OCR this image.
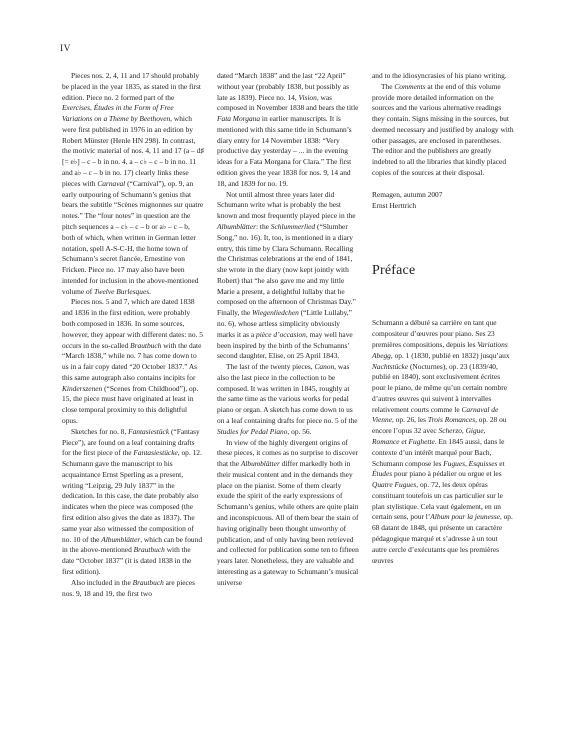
IV

Pieces nos. 2, 4, 11 and 17 should probably be placed in the year 1835, as stated in the first edition. Piece no. 2 formed part of the Exercises, Études in the Form of Free Variations on a Theme by Beethoven, which were first published in 1976 in an edition by Robert Münster (Henle HN 298). In contrast, the motivic material of nos. 4, 11 and 17 (a – d♯ [= e♭] – c – b in no. 4, a – c♭ – c – b in no. 11 and a♭ – c – b in no. 17) clearly links these pieces with Carnaval (“Carnival”), op. 9, an early outpouring of Schumann’s genius that bears the subtitle “Scènes mignonnes sur quatre notes.” The “four notes” in question are the pitch sequences a – c♭ – c – b or a♭ – c – b, both of which, when written in German letter notation, spell A-S-C-H, the home town of Schumann’s secret fiancée, Ernestine von Fricken. Piece no. 17 may also have been intended for inclusion in the above-mentioned volume of Twelve Burlesques.

Pieces nos. 5 and 7, which are dated 1838 and 1836 in the first edition, were probably both composed in 1836. In some sources, however, they appear with different dates: no. 5 occurs in the so-called Brautbuch with the date “March 1838,” while no. 7 has come down to us in a fair copy dated “20 October 1837.” As this same autograph also contains incipits for Kinderszenen (“Scenes from Childhood”), op. 15, the piece must have originated at least in close temporal proximity to this delightful opus.

Sketches for no. 8, Fantasiestück (“Fantasy Piece”), are found on a leaf containing drafts for the first piece of the Fantasiestücke, op. 12. Schumann gave the manuscript to his acquaintance Ernst Sperling as a present, writing “Leipzig, 29 July 1837” in the dedication. In this case, the date probably also indicates when the piece was composed (the first edition also gives the date as 1837). The same year also witnessed the composition of no. 10 of the Albumblätter, which can be found in the above-mentioned Brautbuch with the date “October 1837” (it is dated 1838 in the first edition).

Also included in the Brautbuch are pieces nos. 9, 18 and 19, the first two

dated “March 1838” and the last “22 April” without year (probably 1838, but possibly as late as 1839). Piece no. 14, Vision, was composed in November 1838 and bears the title Fata Morgana in earlier manuscripts. It is mentioned with this same title in Schumann’s diary entry for 14 November 1838: “Very productive day yesterday – ... in the evening ideas for a Fata Morgana for Clara.” The first edition gives the year 1838 for nos. 9, 14 and 18, and 1839 for no. 19.

Not until almost three years later did Schumann write what is probably the best known and most frequently played piece in the Albumblätter: the Schlummerlied (“Slumber Song,” no. 16). It, too, is mentioned in a diary entry, this time by Clara Schumann. Recalling the Christmas celebrations at the end of 1841, she wrote in the diary (now kept jointly with Robert) that “he also gave me and my little Marie a present, a delightful lullaby that he composed on the afternoon of Christmas Day.” Finally, the Wiegenliedchen (“Little Lullaby,” no. 6), whose artless simplicity obviously marks it as a pièce d’occasion, may well have been inspired by the birth of the Schumanns’ second daughter, Elise, on 25 April 1843.

The last of the twenty pieces, Canon, was also the last piece in the collection to be composed. It was written in 1845, roughly at the same time as the various works for pedal piano or organ. A sketch has come down to us on a leaf containing drafts for piece no. 5 of the Studies for Pedal Piano, op. 56.

In view of the highly divergent origins of these pieces, it comes as no surprise to discover that the Albumblätter differ markedly both in their musical content and in the demands they place on the pianist. Some of them clearly exude the spirit of the early expressions of Schumann’s genius, while others are quite plain and inconspicuous. All of them bear the stain of having originally been thought unworthy of publication, and of only having been retrieved and collected for publication some ten to fifteen years later. Nonetheless, they are valuable and interesting as a gateway to Schumann’s musical universe

and to the idiosyncrasies of his piano writing.

The Comments at the end of this volume provide more detailed information on the sources and the various alternative readings they contain. Signs missing in the sources, but deemed necessary and justified by analogy with other passages, are enclosed in parentheses. The editor and the publishers are greatly indebted to all the libraries that kindly placed copies of the sources at their disposal.

Remagen, autumn 2007

Ernst Herttrich

Préface

Schumann a débuté sa carrière en tant que compositeur d’œuvres pour piano. Ses 23 premières compositions, depuis les Variations Abegg, op. 1 (1830, publié en 1832) jusqu’aux Nachtstücke (Nocturnes), op. 23 (1839/40, publié en 1840), sont exclusivement écrites pour le piano, de même qu’un certain nombre d’autres œuvres qui suivent à intervalles relativement courts comme le Carnaval de Vienne, op. 26, les Trois Romances, op. 28 ou encore l’opus 32 avec Scherzo, Gigue, Romance et Fughette. En 1845 aussi, dans le contexte d’un intérêt marqué pour Bach, Schumann compose les Fugues, Esquisses et Études pour piano à pédalier ou orgue et les Quatre Fugues, op. 72, les deux opéras constituant toutefois un cas particulier sur le plan stylistique. Cela vaut également, en un certain sens, pour l’Album pour la jeunesse, op. 68 datant de 1848, qui présente un caractère pédagogique marqué et s’adresse à un tout autre cercle d’exécutants que les premières œuvres
